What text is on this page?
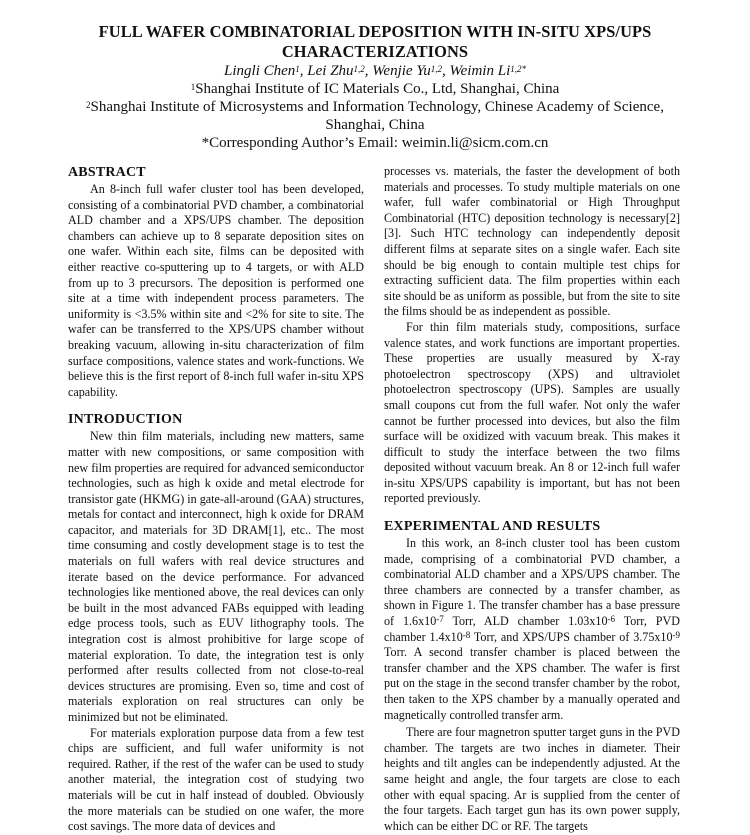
FULL WAFER COMBINATORIAL DEPOSITION WITH IN-SITU XPS/UPS
CHARACTERIZATIONS
Lingli Chen$^1$, Lei Zhu$^{1,2}$, Wenjie Yu$^{1,2}$, Weimin $Li^{1,2*}$
$^1$Shanghai Institute of IC Materials Co., Ltd, Shanghai, China
$^2$Shanghai Institute of Microsystems and Information Technology, Chinese Academy of Science,
Shanghai, China
*Corresponding Author’s Email: weimin.li@sicm.com.cn
ABSTRACT

An 8-inch full wafer cluster tool has been developed, consisting of a combinatorial PVD chamber, a combinatorial ALD chamber and a XPS/UPS chamber. The deposition chambers can achieve up to 8 separate deposition sites on one wafer. Within each site, films can be deposited with either reactive co-sputtering up to 4 targets, or with ALD from up to 3 precursors. The deposition is performed one site at a time with independent process parameters. The uniformity is <3.5% within site and <2% for site to site. The wafer can be transferred to the XPS/UPS chamber without breaking vacuum, allowing in-situ characterization of film surface compositions, valence states and work-functions. We believe this is the first report of 8-inch full wafer in-situ XPS capability.

INTRODUCTION

New thin film materials, including new matters, same matter with new compositions, or same composition with new film properties are required for advanced semiconductor technologies, such as high k oxide and metal electrode for transistor gate (HKMG) in gate-all-around (GAA) structures, metals for contact and interconnect, high k oxide for DRAM capacitor, and materials for 3D DRAM[1], etc.. The most time consuming and costly development stage is to test the materials on full wafers with real device structures and iterate based on the device performance. For advanced technologies like mentioned above, the real devices can only be built in the most advanced FABs equipped with leading edge process tools, such as EUV lithography tools. The integration cost is almost prohibitive for large scope of material exploration. To date, the integration test is only performed after results collected from not close-to-real devices structures are promising. Even so, time and cost of materials exploration on real structures can only be minimized but not be eliminated.

For materials exploration purpose data from a few test chips are sufficient, and full wafer uniformity is not required. Rather, if the rest of the wafer can be used to study another material, the integration cost of studying two materials will be cut in half instead of doubled. Obviously the more materials can be studied on one wafer, the more cost savings. The more data of devices and

processes vs. materials, the faster the development of both materials and processes. To study multiple materials on one wafer, full wafer combinatorial or High Throughput Combinatorial (HTC) deposition technology is necessary[2][3]. Such HTC technology can independently deposit different films at separate sites on a single wafer. Each site should be big enough to contain multiple test chips for extracting sufficient data. The film properties within each site should be as uniform as possible, but from the site to site the films should be as independent as possible.

For thin film materials study, compositions, surface valence states, and work functions are important properties. These properties are usually measured by X-ray photoelectron spectroscopy (XPS) and ultraviolet photoelectron spectroscopy (UPS). Samples are usually small coupons cut from the full wafer. Not only the wafer cannot be further processed into devices, but also the film surface will be oxidized with vacuum break. This makes it difficult to study the interface between the two films deposited without vacuum break. An 8 or 12-inch full wafer in-situ XPS/UPS capability is important, but has not been reported previously.

EXPERIMENTAL AND RESULTS

In this work, an 8-inch cluster tool has been custom made, comprising of a combinatorial PVD chamber, a combinatorial ALD chamber and a XPS/UPS chamber. The three chambers are connected by a transfer chamber, as shown in Figure 1. The transfer chamber has a base pressure of $1.6x10^{-7}$ Torr, ALD chamber $1.03x10^{-6}$ Torr, PVD chamber $1.4x10^{-8}$ Torr, and XPS/UPS chamber of $3.75x10^{-9}$ Torr. A second transfer chamber is placed between the transfer chamber and the XPS chamber. The wafer is first put on the stage in the second transfer chamber by the robot, then taken to the XPS chamber by a manually operated and magnetically controlled transfer arm.

There are four magnetron sputter target guns in the PVD chamber. The targets are two inches in diameter. Their heights and tilt angles can be independently adjusted. At the same height and angle, the four targets are close to each other with equal spacing. Ar is supplied from the center of the four targets. Each target gun has its own power supply, which can be either DC or RF. The targets
